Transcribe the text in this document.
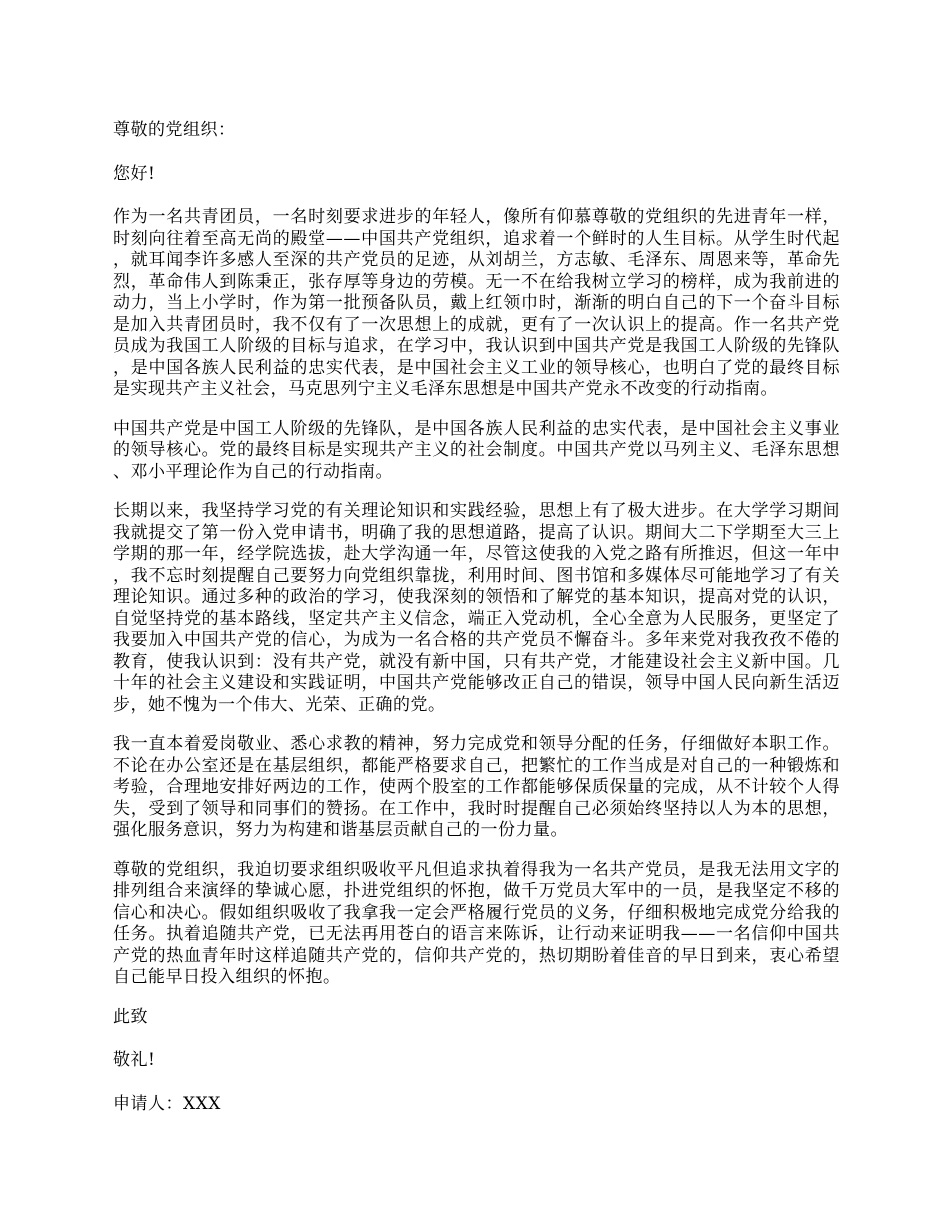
尊敬的党组织：

您好!

作为一名共青团员，一名时刻要求进步的年轻人，像所有仰慕尊敬的党组织的先进青年一样，时刻向往着至高无尚的殿堂——中国共产党组织，追求着一个鲜时的人生目标。从学生时代起，就耳闻李许多感人至深的共产党员的足迹，从刘胡兰，方志敏、毛泽东、周恩来等，革命先烈，革命伟人到陈秉正，张存厚等身边的劳模。无一不在给我树立学习的榜样，成为我前进的动力，当上小学时，作为第一批预备队员，戴上红领巾时，渐渐的明白自己的下一个奋斗目标是加入共青团员时，我不仅有了一次思想上的成就，更有了一次认识上的提高。作一名共产党员成为我国工人阶级的目标与追求，在学习中，我认识到中国共产党是我国工人阶级的先锋队，是中国各族人民利益的忠实代表，是中国社会主义工业的领导核心，也明白了党的最终目标是实现共产主义社会，马克思列宁主义毛泽东思想是中国共产党永不改变的行动指南。

中国共产党是中国工人阶级的先锋队，是中国各族人民利益的忠实代表，是中国社会主义事业的领导核心。党的最终目标是实现共产主义的社会制度。中国共产党以马列主义、毛泽东思想、邓小平理论作为自己的行动指南。

长期以来，我坚持学习党的有关理论知识和实践经验，思想上有了极大进步。在大学学习期间我就提交了第一份入党申请书，明确了我的思想道路，提高了认识。期间大二下学期至大三上学期的那一年，经学院选拔，赴大学沟通一年，尽管这使我的入党之路有所推迟，但这一年中，我不忘时刻提醒自己要努力向党组织靠拢，利用时间、图书馆和多媒体尽可能地学习了有关理论知识。通过多种的政治的学习，使我深刻的领悟和了解党的基本知识，提高对党的认识，自觉坚持党的基本路线，坚定共产主义信念，端正入党动机，全心全意为人民服务，更坚定了我要加入中国共产党的信心，为成为一名合格的共产党员不懈奋斗。多年来党对我孜孜不倦的教育，使我认识到：没有共产党，就没有新中国，只有共产党，才能建设社会主义新中国。几十年的社会主义建设和实践证明，中国共产党能够改正自己的错误，领导中国人民向新生活迈步，她不愧为一个伟大、光荣、正确的党。

我一直本着爱岗敬业、悉心求教的精神，努力完成党和领导分配的任务，仔细做好本职工作。不论在办公室还是在基层组织，都能严格要求自己，把繁忙的工作当成是对自己的一种锻炼和考验，合理地安排好两边的工作，使两个股室的工作都能够保质保量的完成，从不计较个人得失，受到了领导和同事们的赞扬。在工作中，我时时提醒自己必须始终坚持以人为本的思想，强化服务意识，努力为构建和谐基层贡献自己的一份力量。

尊敬的党组织，我迫切要求组织吸收平凡但追求执着得我为一名共产党员，是我无法用文字的排列组合来演绎的挚诚心愿，扑进党组织的怀抱，做千万党员大军中的一员，是我坚定不移的信心和决心。假如组织吸收了我拿我一定会严格履行党员的义务，仔细积极地完成党分给我的任务。执着追随共产党，已无法再用苍白的语言来陈诉，让行动来证明我——一名信仰中国共产党的热血青年时这样追随共产党的，信仰共产党的，热切期盼着佳音的早日到来，衷心希望自己能早日投入组织的怀抱。

此致

敬礼!

申请人：XXX
